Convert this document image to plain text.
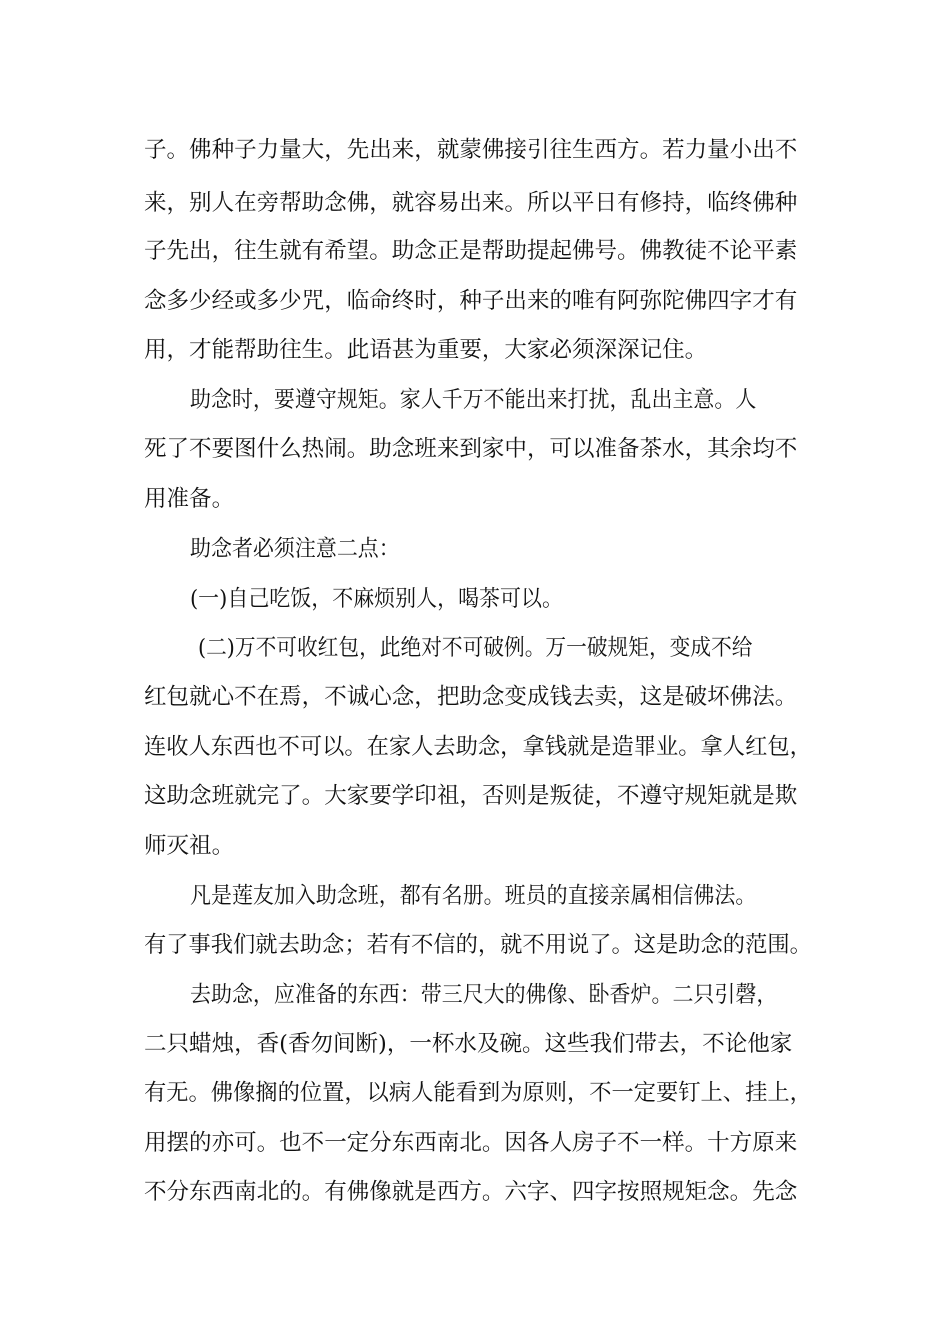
子。佛种子力量大，先出来，就蒙佛接引往生西方。若力量小出不
来，别人在旁帮助念佛，就容易出来。所以平日有修持，临终佛种
子先出，往生就有希望。助念正是帮助提起佛号。佛教徒不论平素
念多少经或多少咒，临命终时，种子出来的唯有阿弥陀佛四字才有
用，才能帮助往生。此语甚为重要，大家必须深深记住。
助念时，要遵守规矩。家人千万不能出来打扰，乱出主意。人
死了不要图什么热闹。助念班来到家中，可以准备茶水，其余均不
用准备。
助念者必须注意二点：
(一)自己吃饭，不麻烦别人，喝茶可以。
(二)万不可收红包，此绝对不可破例。万一破规矩，变成不给
红包就心不在焉，不诚心念，把助念变成钱去卖，这是破坏佛法。
连收人东西也不可以。在家人去助念，拿钱就是造罪业。拿人红包，
这助念班就完了。大家要学印祖，否则是叛徒，不遵守规矩就是欺
师灭祖。
凡是莲友加入助念班，都有名册。班员的直接亲属相信佛法。
有了事我们就去助念；若有不信的，就不用说了。这是助念的范围。
去助念，应准备的东西：带三尺大的佛像、卧香炉。二只引磬，
二只蜡烛，香(香勿间断)，一杯水及碗。这些我们带去，不论他家
有无。佛像搁的位置，以病人能看到为原则，不一定要钉上、挂上，
用摆的亦可。也不一定分东西南北。因各人房子不一样。十方原来
不分东西南北的。有佛像就是西方。六字、四字按照规矩念。先念
